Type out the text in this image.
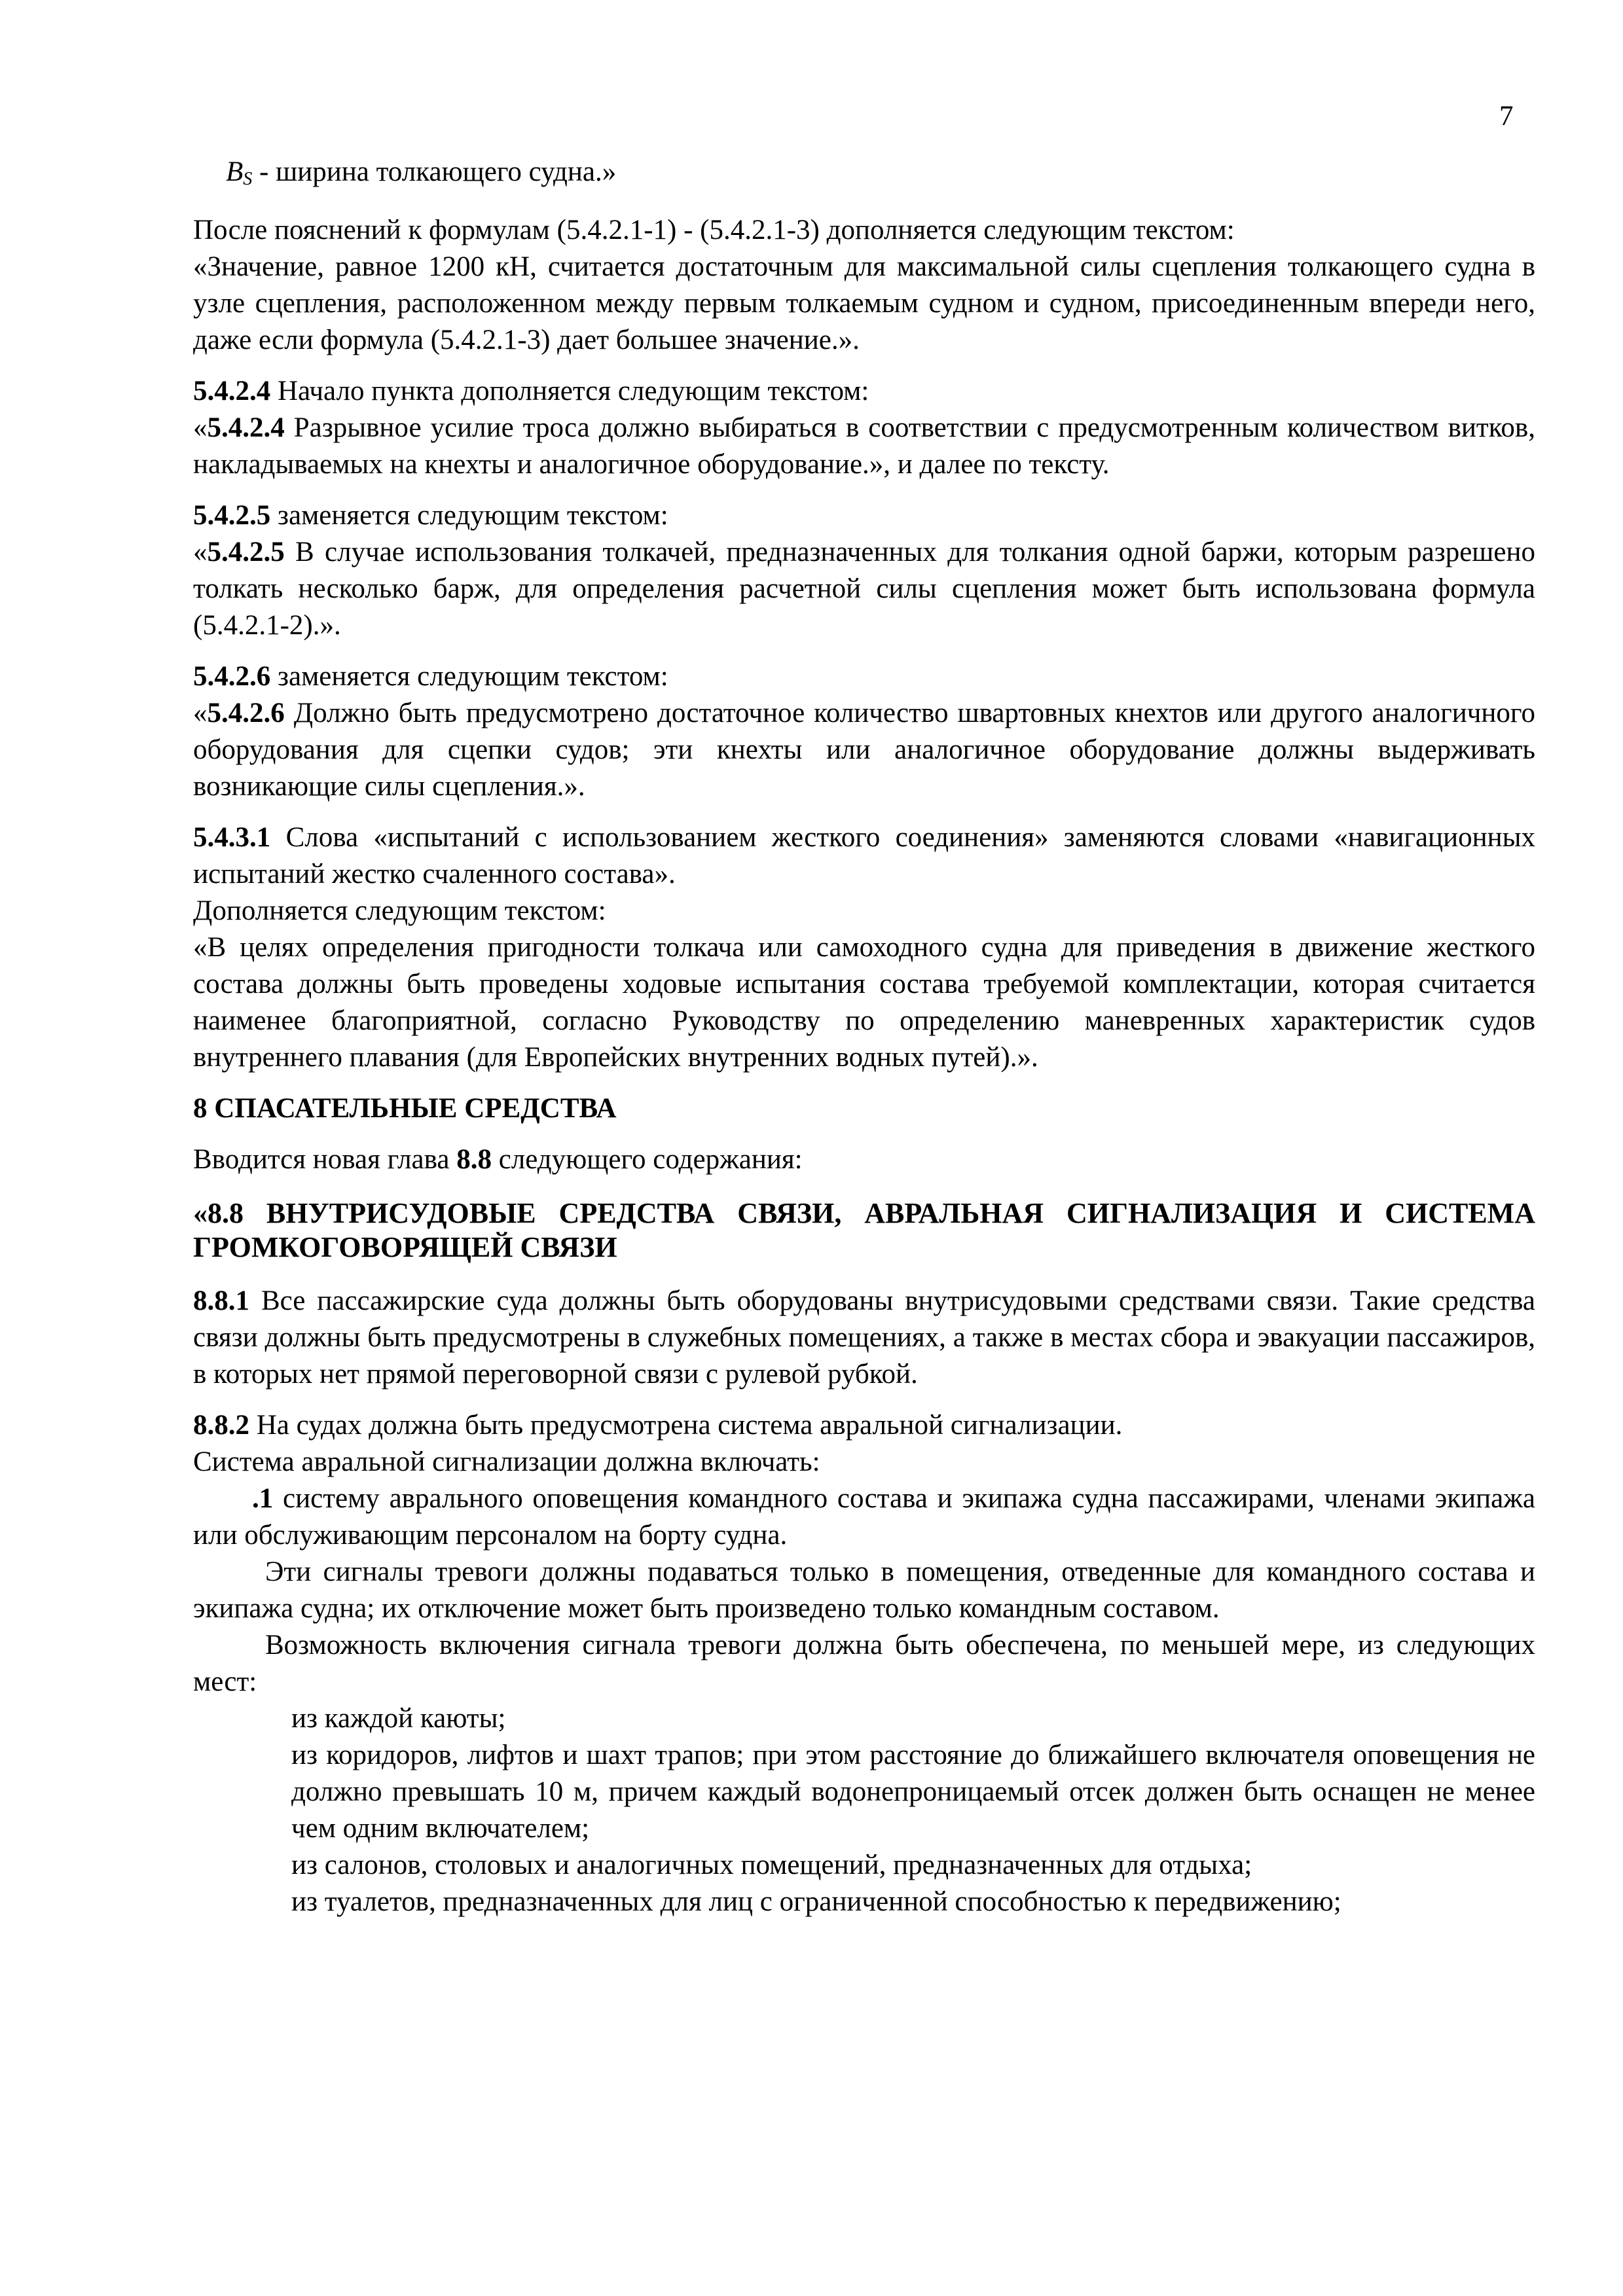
7

BS - ширина толкающего судна.»

После пояснений к формулам (5.4.2.1-1) - (5.4.2.1-3) дополняется следующим текстом:

«Значение, равное 1200 кН, считается достаточным для максимальной силы сцепления толкающего судна в узле сцепления, расположенном между первым толкаемым судном и судном, присоединенным впереди него, даже если формула (5.4.2.1-3) дает большее значение.».

5.4.2.4 Начало пункта дополняется следующим текстом:

«5.4.2.4 Разрывное усилие троса должно выбираться в соответствии с предусмотренным количеством витков, накладываемых на кнехты и аналогичное оборудование.», и далее по тексту.

5.4.2.5 заменяется следующим текстом:

«5.4.2.5 В случае использования толкачей, предназначенных для толкания одной баржи, которым разрешено толкать несколько барж, для определения расчетной силы сцепления может быть использована формула (5.4.2.1-2).».

5.4.2.6 заменяется следующим текстом:

«5.4.2.6 Должно быть предусмотрено достаточное количество швартовных кнехтов или другого аналогичного оборудования для сцепки судов; эти кнехты или аналогичное оборудование должны выдерживать возникающие силы сцепления.».

5.4.3.1 Слова «испытаний с использованием жесткого соединения» заменяются словами «навигационных испытаний жестко счаленного состава».

Дополняется следующим текстом:

«В целях определения пригодности толкача или самоходного судна для приведения в движение жесткого состава должны быть проведены ходовые испытания состава требуемой комплектации, которая считается наименее благоприятной, согласно Руководству по определению маневренных характеристик судов внутреннего плавания (для Европейских внутренних водных путей).».

8 СПАСАТЕЛЬНЫЕ СРЕДСТВА

Вводится новая глава 8.8 следующего содержания:

«8.8 ВНУТРИСУДОВЫЕ СРЕДСТВА СВЯЗИ, АВРАЛЬНАЯ СИГНАЛИЗАЦИЯ И СИСТЕМА ГРОМКОГОВОРЯЩЕЙ СВЯЗИ

8.8.1 Все пассажирские суда должны быть оборудованы внутрисудовыми средствами связи. Такие средства связи должны быть предусмотрены в служебных помещениях, а также в местах сбора и эвакуации пассажиров, в которых нет прямой переговорной связи с рулевой рубкой.

8.8.2 На судах должна быть предусмотрена система авральной сигнализации.

Система авральной сигнализации должна включать:

.1 систему аврального оповещения командного состава и экипажа судна пассажирами, членами экипажа или обслуживающим персоналом на борту судна.

Эти сигналы тревоги должны подаваться только в помещения, отведенные для командного состава и экипажа судна; их отключение может быть произведено только командным составом.

Возможность включения сигнала тревоги должна быть обеспечена, по меньшей мере, из следующих мест:

из каждой каюты;

из коридоров, лифтов и шахт трапов; при этом расстояние до ближайшего включателя оповещения не должно превышать 10 м, причем каждый водонепроницаемый отсек должен быть оснащен не менее чем одним включателем;

из салонов, столовых и аналогичных помещений, предназначенных для отдыха;

из туалетов, предназначенных для лиц с ограниченной способностью к передвижению;
